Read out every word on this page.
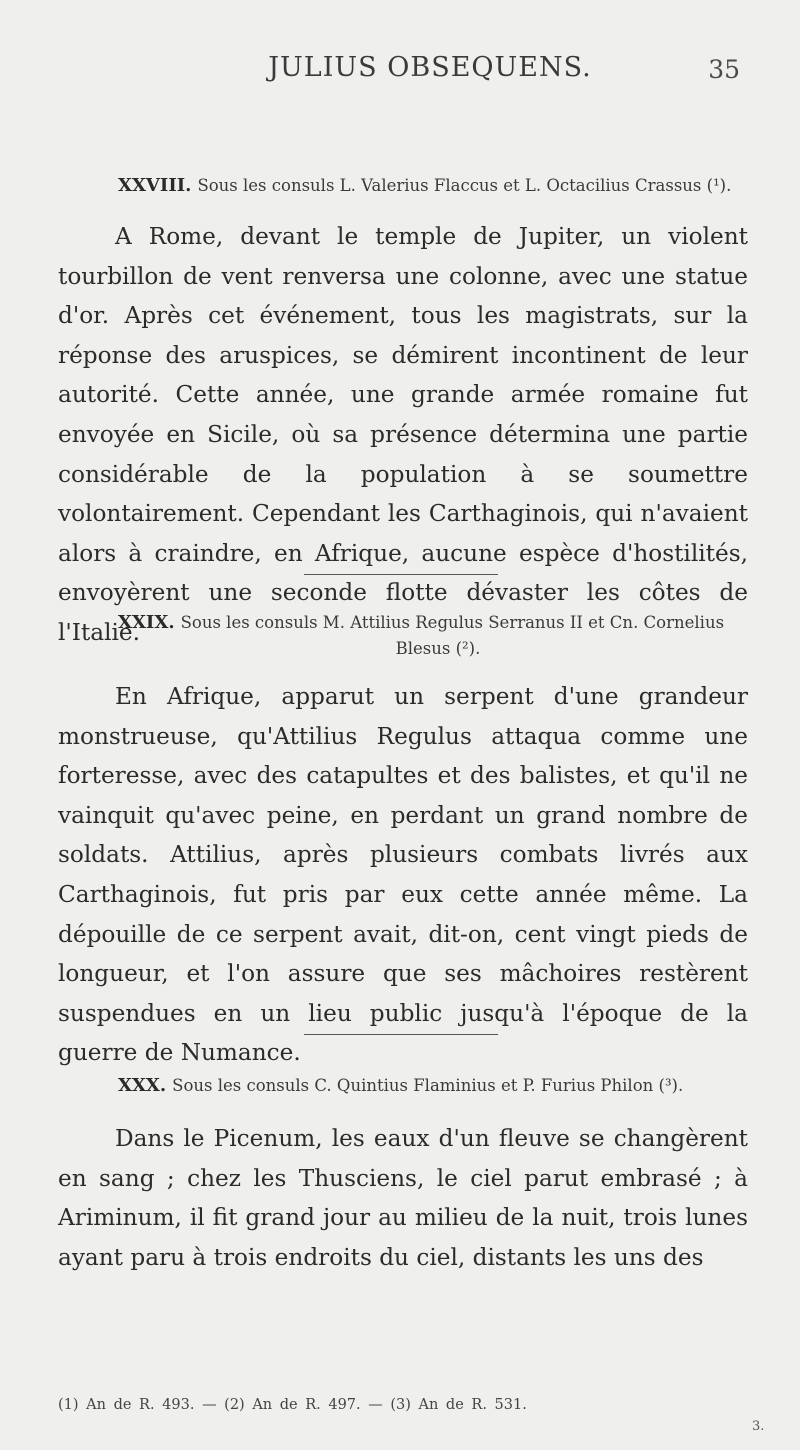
JULIUS OBSEQUENS.	35
XXVIII. Sous les consuls L. Valerius Flaccus et L. Octacilius Crassus (¹).
A Rome, devant le temple de Jupiter, un violent tourbillon de vent renversa une colonne, avec une statue d'or. Après cet événement, tous les magistrats, sur la réponse des aruspices, se démirent incontinent de leur autorité. Cette année, une grande armée romaine fut envoyée en Sicile, où sa présence détermina une partie considérable de la population à se soumettre volontairement. Cependant les Carthaginois, qui n'avaient alors à craindre, en Afrique, aucune espèce d'hostilités, envoyèrent une seconde flotte dévaster les côtes de l'Italie.
XXIX. Sous les consuls M. Attilius Regulus Serranus II et Cn. Cornelius
Blesus (²).
En Afrique, apparut un serpent d'une grandeur monstrueuse, qu'Attilius Regulus attaqua comme une forteresse, avec des catapultes et des balistes, et qu'il ne vainquit qu'avec peine, en perdant un grand nombre de soldats. Attilius, après plusieurs combats livrés aux Carthaginois, fut pris par eux cette année même. La dépouille de ce serpent avait, dit-on, cent vingt pieds de longueur, et l'on assure que ses mâchoires restèrent suspendues en un lieu public jusqu'à l'époque de la guerre de Numance.
XXX. Sous les consuls C. Quintius Flaminius et P. Furius Philon (³).
Dans le Picenum, les eaux d'un fleuve se changèrent en sang ; chez les Thusciens, le ciel parut embrasé ; à Ariminum, il fit grand jour au milieu de la nuit, trois lunes ayant paru à trois endroits du ciel, distants les uns des
(1) An de R. 493. — (2) An de R. 497. — (3) An de R. 531.
3.
